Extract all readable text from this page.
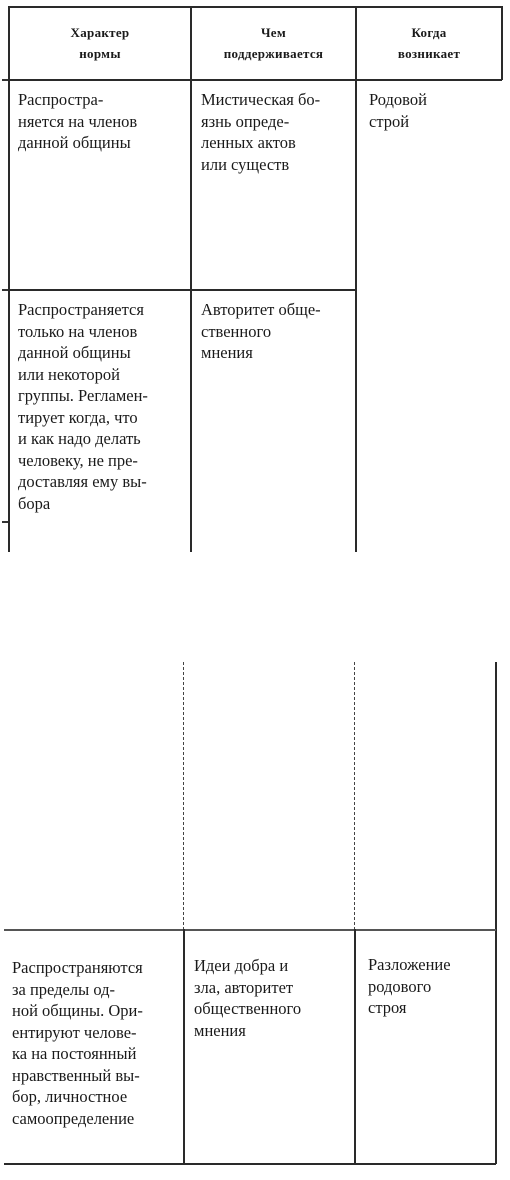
Характер
нормы
Чем
поддерживается
Когда
возникает

Распростра-
няется на членов
данной общины

Мистическая бо-
язнь опреде-
ленных актов
или существ

Родовой
строй

Распространяется
только на членов
данной общины
или некоторой
группы. Регламен-
тирует когда, что
и как надо делать
человеку, не пре-
доставляя ему вы-
бора

Авторитет обще-
ственного
мнения

Распространяются
за пределы од-
ной общины. Ори-
ентируют челове-
ка на постоянный
нравственный вы-
бор, личностное
самоопределение

Идеи добра и
зла, авторитет
общественного
мнения

Разложение
родового
строя
